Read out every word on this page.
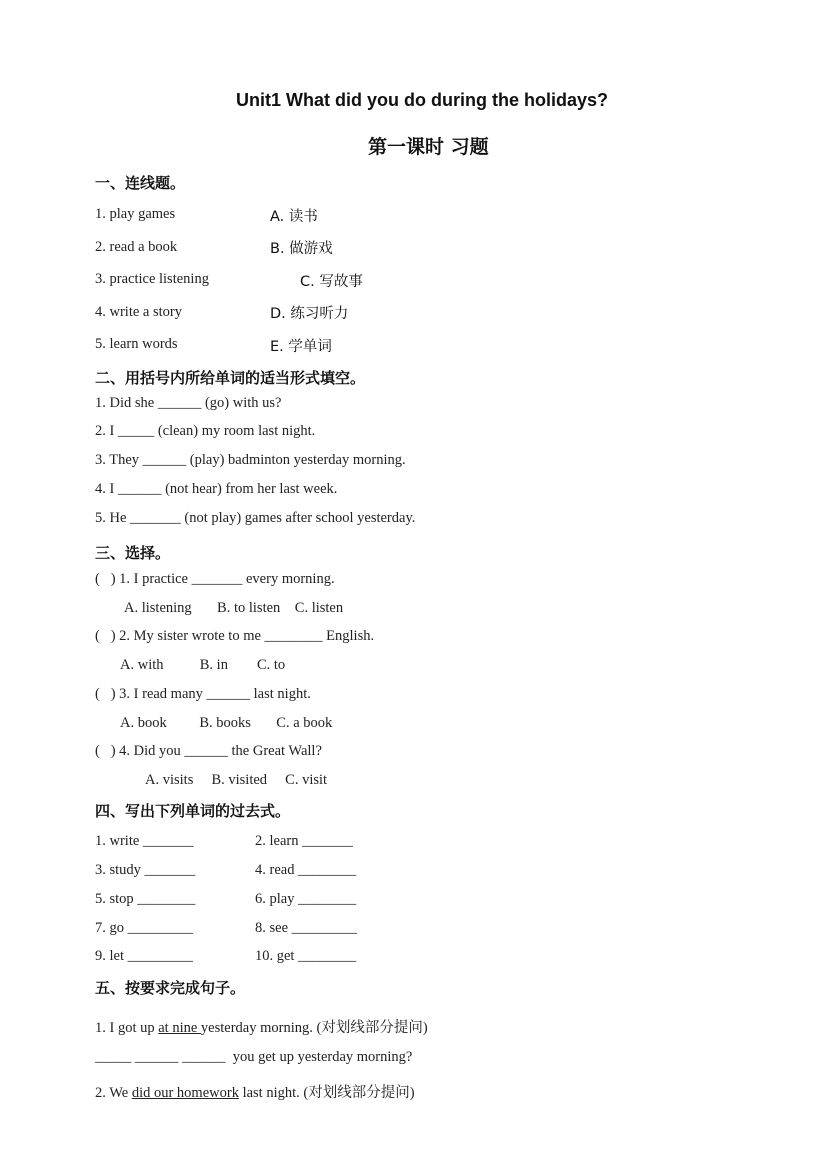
Unit1 What did you do during the holidays?
第一课时 习题
一、连线题。
1. play games
2. read a book
3. practice listening
4. write a story
5. learn words
A. 读书
B. 做游戏
C. 写故事
D. 练习听力
E. 学单词
二、用括号内所给单词的适当形式填空。
1. Did she ______ (go) with us?
2. I _____ (clean) my room last night.
3. They ______ (play) badminton yesterday morning.
4. I ______ (not hear) from her last week.
5. He _______ (not play) games after school yesterday.
三、选择。
(   ) 1. I practice _______ every morning.
A. listening       B. to listen    C. listen
(   ) 2. My sister wrote to me ________ English.
A. with          B. in        C. to
(   ) 3. I read many ______ last night.
A. book         B. books       C. a book
(   ) 4. Did you ______ the Great Wall?
A. visits     B. visited     C. visit
四、写出下列单词的过去式。
1. write _______
3. study _______
5. stop ________
7. go _________
9. let _________
2. learn _______
4. read ________
6. play ________
8. see _________
10. get ________
五、按要求完成句子。
1. I got up at nine yesterday morning. (对划线部分提问)
_____ ______ ______  you get up yesterday morning?
2. We did our homework last night. (对划线部分提问)
